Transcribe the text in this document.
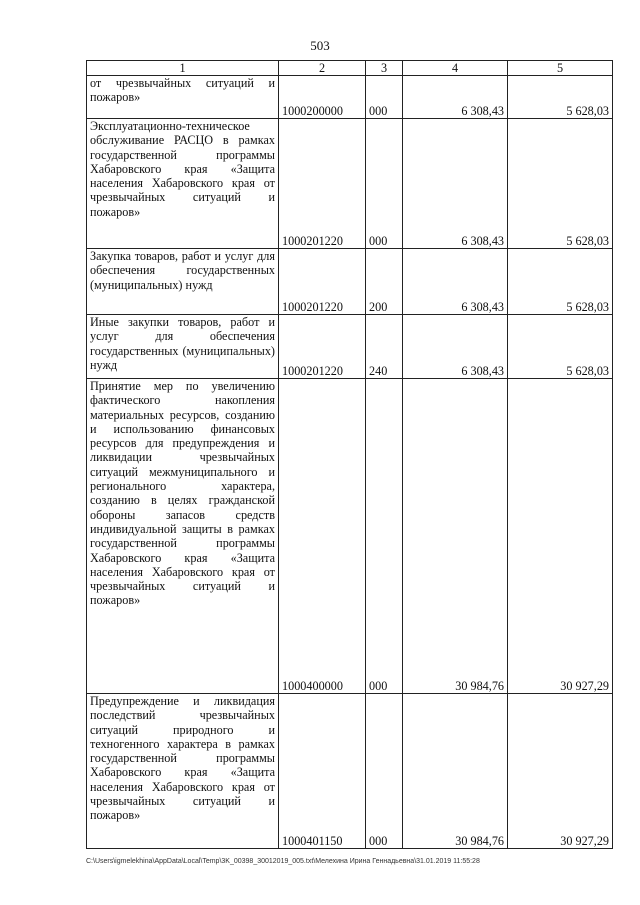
503
1	2	3	4	5
от чрезвычайных ситуаций и пожаров»	1000200000	000	6 308,43	5 628,03
Эксплуатационно-техническое обслуживание РАСЦО в рамках государственной программы Хабаровского края «Защита населения Хабаровского края от чрезвычайных ситуаций и пожаров»	1000201220	000	6 308,43	5 628,03
Закупка товаров, работ и услуг для обеспечения государственных (муниципальных) нужд	1000201220	200	6 308,43	5 628,03
Иные закупки товаров, работ и услуг для обеспечения государственных (муниципальных) нужд	1000201220	240	6 308,43	5 628,03
Принятие мер по увеличению фактического накопления материальных ресурсов, созданию и использованию финансовых ресурсов для предупреждения и ликвидации чрезвычайных ситуаций межмуниципального и регионального характера, созданию в целях гражданской обороны запасов средств индивидуальной защиты в рамках государственной программы Хабаровского края «Защита населения Хабаровского края от чрезвычайных ситуаций и пожаров»	1000400000	000	30 984,76	30 927,29
Предупреждение и ликвидация последствий чрезвычайных ситуаций природного и техногенного характера в рамках государственной программы Хабаровского края «Защита населения Хабаровского края от чрезвычайных ситуаций и пожаров»	1000401150	000	30 984,76	30 927,29
C:\Users\igmelekhina\AppData\Local\Temp\3K_00398_30012019_005.txt\Мелехина Ирина Геннадьевна\31.01.2019 11:55:28
